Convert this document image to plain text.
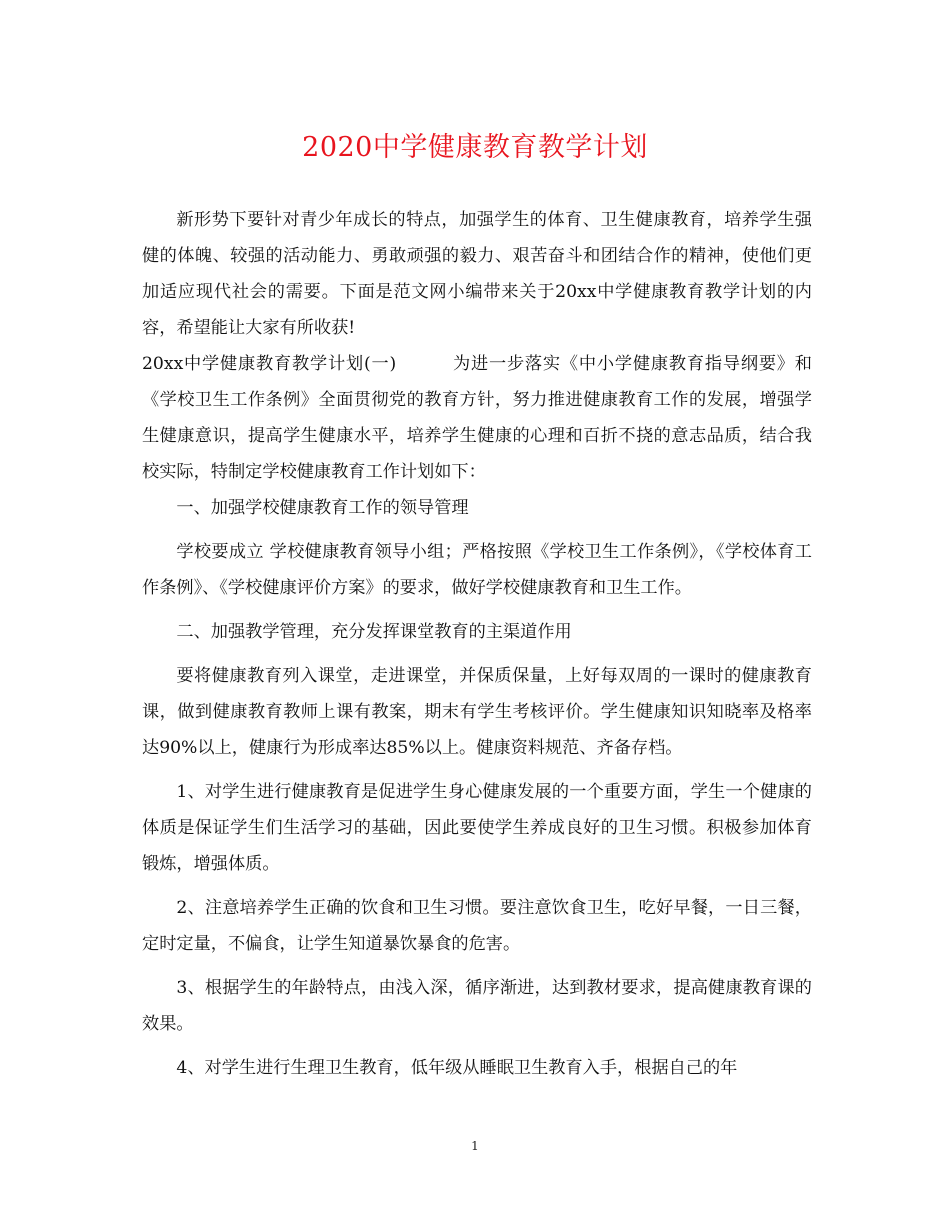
2020中学健康教育教学计划

新形势下要针对青少年成长的特点，加强学生的体育、卫生健康教育，培养学生强健的体魄、较强的活动能力、勇敢顽强的毅力、艰苦奋斗和团结合作的精神，使他们更加适应现代社会的需要。下面是范文网小编带来关于20xx中学健康教育教学计划的内容，希望能让大家有所收获!

20xx中学健康教育教学计划(一)	为进一步落实《中小学健康教育指导纲要》和《学校卫生工作条例》全面贯彻党的教育方针，努力推进健康教育工作的发展，增强学生健康意识，提高学生健康水平，培养学生健康的心理和百折不挠的意志品质，结合我校实际，特制定学校健康教育工作计划如下：

一、加强学校健康教育工作的领导管理

学校要成立 学校健康教育领导小组；严格按照《学校卫生工作条例》，《学校体育工作条例》、《学校健康评价方案》的要求，做好学校健康教育和卫生工作。

二、加强教学管理，充分发挥课堂教育的主渠道作用

要将健康教育列入课堂，走进课堂，并保质保量，上好每双周的一课时的健康教育课，做到健康教育教师上课有教案，期末有学生考核评价。学生健康知识知晓率及格率达90%以上，健康行为形成率达85%以上。健康资料规范、齐备存档。

1、对学生进行健康教育是促进学生身心健康发展的一个重要方面，学生一个健康的体质是保证学生们生活学习的基础，因此要使学生养成良好的卫生习惯。积极参加体育锻炼，增强体质。

2、注意培养学生正确的饮食和卫生习惯。要注意饮食卫生，吃好早餐，一日三餐，定时定量，不偏食，让学生知道暴饮暴食的危害。

3、根据学生的年龄特点，由浅入深，循序渐进，达到教材要求，提高健康教育课的效果。

4、对学生进行生理卫生教育，低年级从睡眠卫生教育入手，根据自己的年

1
